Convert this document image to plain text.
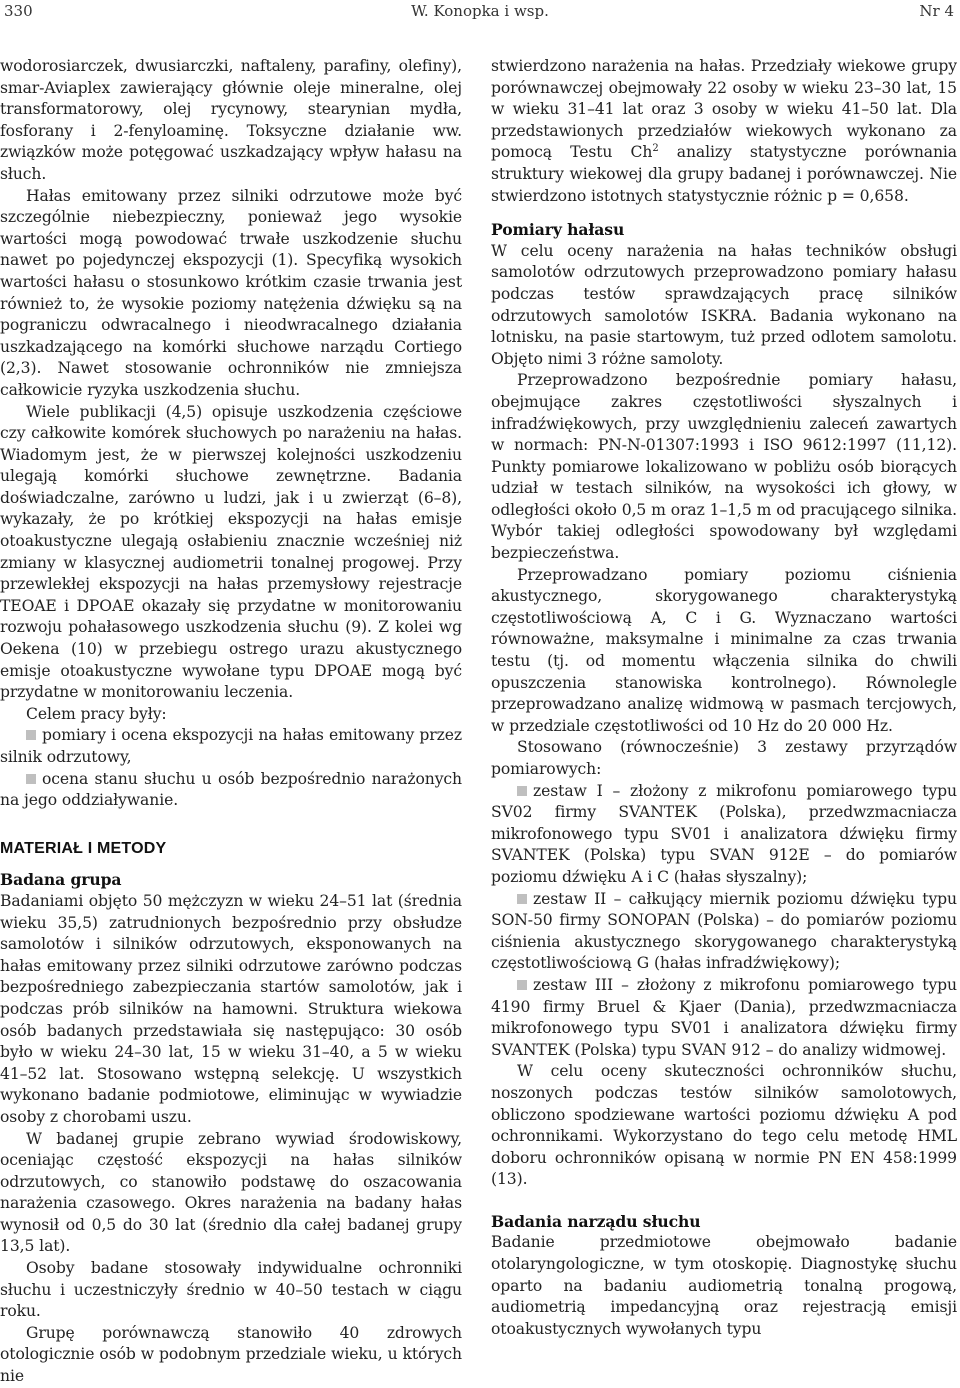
330	W. Konopka i wsp.	Nr 4

wodorosiarczek, dwusiarczki, naftaleny, parafiny, olefiny), smar-Aviaplex zawierający głównie oleje mineralne, olej transformatorowy, olej rycynowy, stearynian mydła, fosforany i 2-fenyloaminę. Toksyczne działanie ww. związków może potęgować uszkadzający wpływ hałasu na słuch.

Hałas emitowany przez silniki odrzutowe może być szczególnie niebezpieczny, ponieważ jego wysokie wartości mogą powodować trwałe uszkodzenie słuchu nawet po pojedynczej ekspozycji (1). Specyfiką wysokich wartości hałasu o stosunkowo krótkim czasie trwania jest również to, że wysokie poziomy natężenia dźwięku są na pograniczu odwracalnego i nieodwracalnego działania uszkadzającego na komórki słuchowe narządu Cortiego (2,3). Nawet stosowanie ochronników nie zmniejsza całkowicie ryzyka uszkodzenia słuchu.

Wiele publikacji (4,5) opisuje uszkodzenia częściowe czy całkowite komórek słuchowych po narażeniu na hałas. Wiadomym jest, że w pierwszej kolejności uszkodzeniu ulegają komórki słuchowe zewnętrzne. Badania doświadczalne, zarówno u ludzi, jak i u zwierząt (6–8), wykazały, że po krótkiej ekspozycji na hałas emisje otoakustyczne ulegają osłabieniu znacznie wcześniej niż zmiany w klasycznej audiometrii tonalnej progowej. Przy przewlekłej ekspozycji na hałas przemysłowy rejestracje TEOAE i DPOAE okazały się przydatne w monitorowaniu rozwoju pohałasowego uszkodzenia słuchu (9). Z kolei wg Oekena (10) w przebiegu ostrego urazu akustycznego emisje otoakustyczne wywołane typu DPOAE mogą być przydatne w monitorowaniu leczenia.

Celem pracy były:

pomiary i ocena ekspozycji na hałas emitowany przez silnik odrzutowy,

ocena stanu słuchu u osób bezpośrednio narażonych na jego oddziaływanie.

MATERIAŁ I METODY
Badana grupa

Badaniami objęto 50 mężczyzn w wieku 24–51 lat (średnia wieku 35,5) zatrudnionych bezpośrednio przy obsłudze samolotów i silników odrzutowych, eksponowanych na hałas emitowany przez silniki odrzutowe zarówno podczas bezpośredniego zabezpieczania startów samolotów, jak i podczas prób silników na hamowni. Struktura wiekowa osób badanych przedstawiała się następująco: 30 osób było w wieku 24–30 lat, 15 w wieku 31–40, a 5 w wieku 41–52 lat. Stosowano wstępną selekcję. U wszystkich wykonano badanie podmiotowe, eliminując w wywiadzie osoby z chorobami uszu.

W badanej grupie zebrano wywiad środowiskowy, oceniając częstość ekspozycji na hałas silników odrzutowych, co stanowiło podstawę do oszacowania narażenia czasowego. Okres narażenia na badany hałas wynosił od 0,5 do 30 lat (średnio dla całej badanej grupy 13,5 lat).

Osoby badane stosowały indywidualne ochronniki słuchu i uczestniczyły średnio w 40–50 testach w ciągu roku.

Grupę porównawczą stanowiło 40 zdrowych otologicznie osób w podobnym przedziale wieku, u których nie

stwierdzono narażenia na hałas. Przedziały wiekowe grupy porównawczej obejmowały 22 osoby w wieku 23–30 lat, 15 w wieku 31–41 lat oraz 3 osoby w wieku 41–50 lat. Dla przedstawionych przedziałów wiekowych wykonano za pomocą Testu Ch$^2$ analizy statystyczne porównania struktury wiekowej dla grupy badanej i porównawczej. Nie stwierdzono istotnych statystycznie różnic p = 0,658.

Pomiary hałasu

W celu oceny narażenia na hałas techników obsługi samolotów odrzutowych przeprowadzono pomiary hałasu podczas testów sprawdzających pracę silników odrzutowych samolotów ISKRA. Badania wykonano na lotnisku, na pasie startowym, tuż przed odlotem samolotu. Objęto nimi 3 różne samoloty.

Przeprowadzono bezpośrednie pomiary hałasu, obejmujące zakres częstotliwości słyszalnych i infradźwiękowych, przy uwzględnieniu zaleceń zawartych w normach: PN-N-01307:1993 i ISO 9612:1997 (11,12). Punkty pomiarowe lokalizowano w pobliżu osób biorących udział w testach silników, na wysokości ich głowy, w odległości około 0,5 m oraz 1–1,5 m od pracującego silnika. Wybór takiej odległości spowodowany był względami bezpieczeństwa.

Przeprowadzano pomiary poziomu ciśnienia akustycznego, skorygowanego charakterystyką częstotliwościową A, C i G. Wyznaczano wartości równoważne, maksymalne i minimalne za czas trwania testu (tj. od momentu włączenia silnika do chwili opuszczenia stanowiska kontrolnego). Równolegle przeprowadzano analizę widmową w pasmach tercjowych, w przedziale częstotliwości od 10 Hz do 20 000 Hz.

Stosowano (równocześnie) 3 zestawy przyrządów pomiarowych:

zestaw I – złożony z mikrofonu pomiarowego typu SV02 firmy SVANTEK (Polska), przedwzmacniacza mikrofonowego typu SV01 i analizatora dźwięku firmy SVANTEK (Polska) typu SVAN 912E – do pomiarów poziomu dźwięku A i C (hałas słyszalny);

zestaw II – całkujący miernik poziomu dźwięku typu SON-50 firmy SONOPAN (Polska) – do pomiarów poziomu ciśnienia akustycznego skorygowanego charakterystyką częstotliwościową G (hałas infradźwiękowy);

zestaw III – złożony z mikrofonu pomiarowego typu 4190 firmy Bruel & Kjaer (Dania), przedwzmacniacza mikrofonowego typu SV01 i analizatora dźwięku firmy SVANTEK (Polska) typu SVAN 912 – do analizy widmowej.

W celu oceny skuteczności ochronników słuchu, noszonych podczas testów silników samolotowych, obliczono spodziewane wartości poziomu dźwięku A pod ochronnikami. Wykorzystano do tego celu metodę HML doboru ochronników opisaną w normie PN EN 458:1999 (13).

Badania narządu słuchu

Badanie przedmiotowe obejmowało badanie otolaryngologiczne, w tym otoskopię. Diagnostykę słuchu oparto na badaniu audiometrią tonalną progową, audiometrią impedancyjną oraz rejestracją emisji otoakustycznych wywołanych typu
